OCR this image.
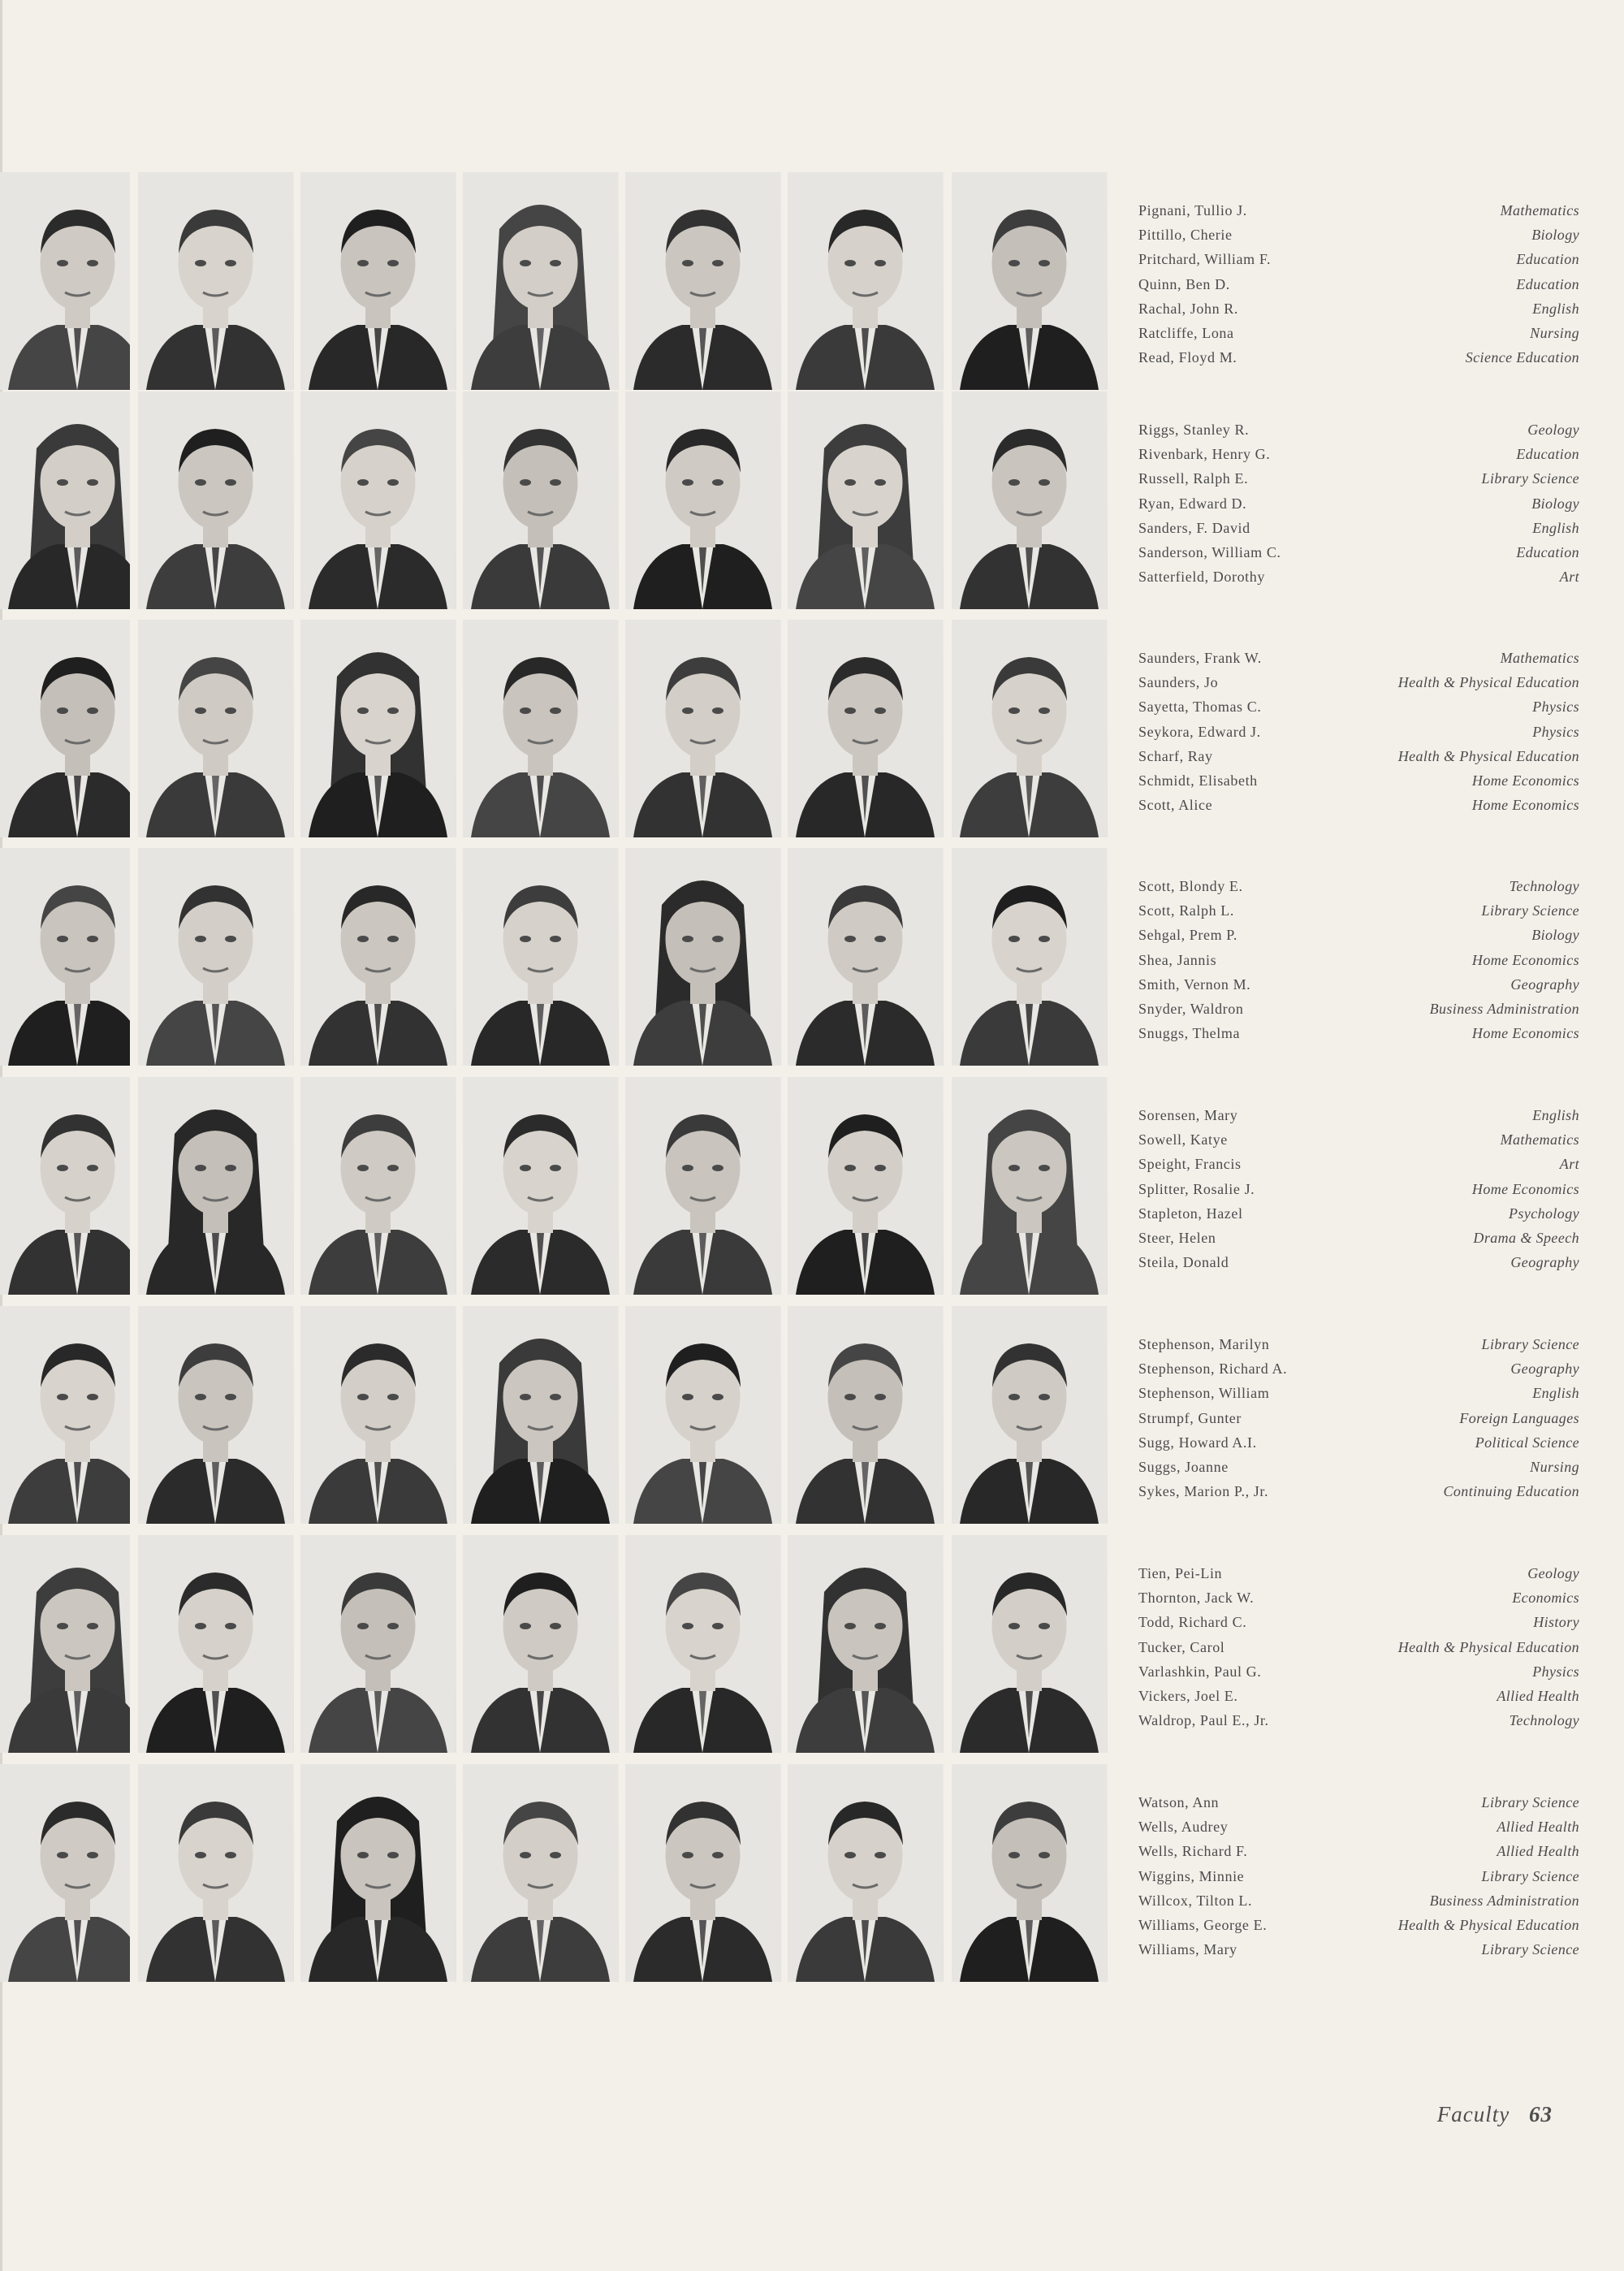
Pignani, Tullio J.
Pittillo, Cherie
Pritchard, William F.
Quinn, Ben D.
Rachal, John R.
Ratcliffe, Lona
Read, Floyd M.
Mathematics
Biology
Education
Education
English
Nursing
Science Education
Riggs, Stanley R.
Rivenbark, Henry G.
Russell, Ralph E.
Ryan, Edward D.
Sanders, F. David
Sanderson, William C.
Satterfield, Dorothy
Geology
Education
Library Science
Biology
English
Education
Art
Saunders, Frank W.
Saunders, Jo
Sayetta, Thomas C.
Seykora, Edward J.
Scharf, Ray
Schmidt, Elisabeth
Scott, Alice
Mathematics
Health & Physical Education
Physics
Physics
Health & Physical Education
Home Economics
Home Economics
Scott, Blondy E.
Scott, Ralph L.
Sehgal, Prem P.
Shea, Jannis
Smith, Vernon M.
Snyder, Waldron
Snuggs, Thelma
Technology
Library Science
Biology
Home Economics
Geography
Business Administration
Home Economics
Sorensen, Mary
Sowell, Katye
Speight, Francis
Splitter, Rosalie J.
Stapleton, Hazel
Steer, Helen
Steila, Donald
English
Mathematics
Art
Home Economics
Psychology
Drama & Speech
Geography
Stephenson, Marilyn
Stephenson, Richard A.
Stephenson, William
Strumpf, Gunter
Sugg, Howard A.I.
Suggs, Joanne
Sykes, Marion P., Jr.
Library Science
Geography
English
Foreign Languages
Political Science
Nursing
Continuing Education
Tien, Pei-Lin
Thornton, Jack W.
Todd, Richard C.
Tucker, Carol
Varlashkin, Paul G.
Vickers, Joel E.
Waldrop, Paul E., Jr.
Geology
Economics
History
Health & Physical Education
Physics
Allied Health
Technology
Watson, Ann
Wells, Audrey
Wells, Richard F.
Wiggins, Minnie
Willcox, Tilton L.
Williams, George E.
Williams, Mary
Library Science
Allied Health
Allied Health
Library Science
Business Administration
Health & Physical Education
Library Science
Faculty 63
